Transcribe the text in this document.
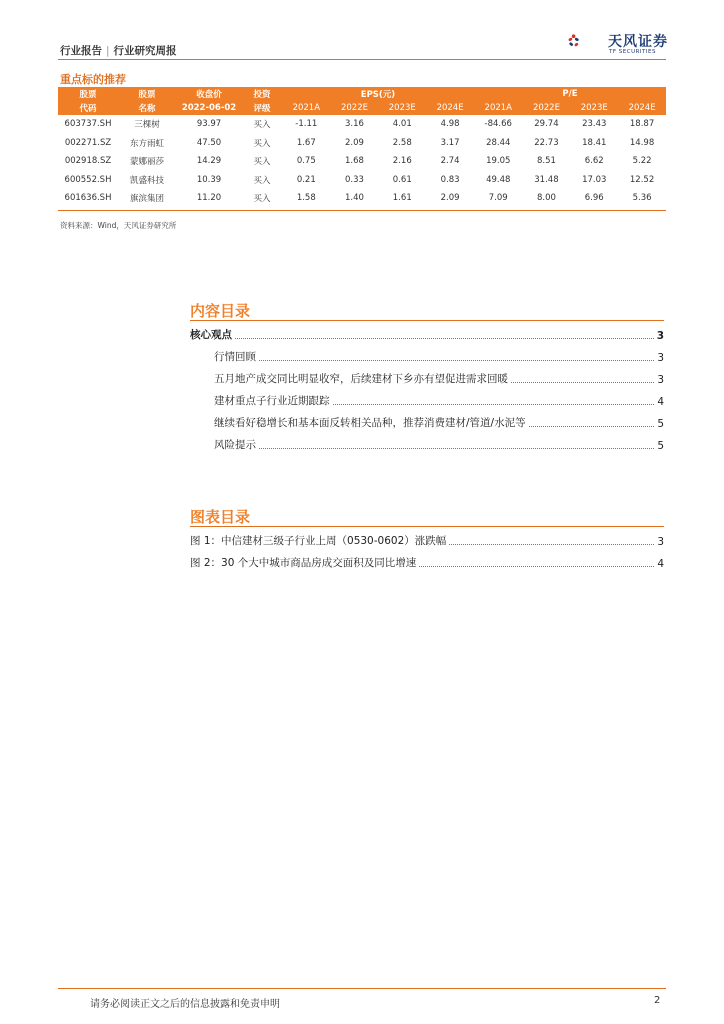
行业报告 | 行业研究周报
天风证券
TF SECURITIES
重点标的推荐
股票	股票	收盘价	投资	EPS(元)				P/E			
代码	名称	2022-06-02	评级	2021A	2022E	2023E	2024E	2021A	2022E	2023E	2024E
603737.SH	三棵树	93.97	买入	-1.11	3.16	4.01	4.98	-84.66	29.74	23.43	18.87
002271.SZ	东方雨虹	47.50	买入	1.67	2.09	2.58	3.17	28.44	22.73	18.41	14.98
002918.SZ	蒙娜丽莎	14.29	买入	0.75	1.68	2.16	2.74	19.05	8.51	6.62	5.22
600552.SH	凯盛科技	10.39	买入	0.21	0.33	0.61	0.83	49.48	31.48	17.03	12.52
601636.SH	旗滨集团	11.20	买入	1.58	1.40	1.61	2.09	7.09	8.00	6.96	5.36
资料来源：Wind，天风证券研究所
内容目录
核心观点	3
行情回顾	3
五月地产成交同比明显收窄，后续建材下乡亦有望促进需求回暖	3
建材重点子行业近期跟踪	4
继续看好稳增长和基本面反转相关品种，推荐消费建材/管道/水泥等	5
风险提示	5
图表目录
图 1：中信建材三级子行业上周（0530-0602）涨跌幅	3
图 2：30 个大中城市商品房成交面积及同比增速	4
请务必阅读正文之后的信息披露和免责申明	2
